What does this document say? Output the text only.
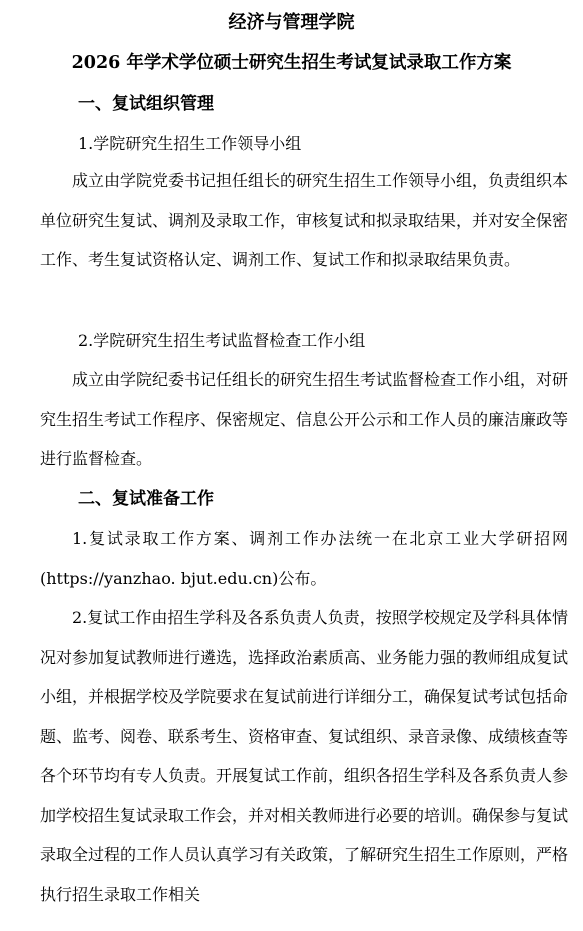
经济与管理学院
2026 年学术学位硕士研究生招生考试复试录取工作方案
一、复试组织管理
1.学院研究生招生工作领导小组

成立由学院党委书记担任组长的研究生招生工作领导小组，负责组织本单位研究生复试、调剂及录取工作，审核复试和拟录取结果，并对安全保密工作、考生复试资格认定、调剂工作、复试工作和拟录取结果负责。

2.学院研究生招生考试监督检查工作小组

成立由学院纪委书记任组长的研究生招生考试监督检查工作小组，对研究生招生考试工作程序、保密规定、信息公开公示和工作人员的廉洁廉政等进行监督检查。

二、复试准备工作

1.复试录取工作方案、调剂工作办法统一在北京工业大学研招网(https://yanzhao. bjut.edu.cn)公布。

2.复试工作由招生学科及各系负责人负责，按照学校规定及学科具体情况对参加复试教师进行遴选，选择政治素质高、业务能力强的教师组成复试小组，并根据学校及学院要求在复试前进行详细分工，确保复试考试包括命题、监考、阅卷、联系考生、资格审查、复试组织、录音录像、成绩核查等各个环节均有专人负责。开展复试工作前，组织各招生学科及各系负责人参加学校招生复试录取工作会，并对相关教师进行必要的培训。确保参与复试录取全过程的工作人员认真学习有关政策，了解研究生招生工作原则，严格执行招生录取工作相关
